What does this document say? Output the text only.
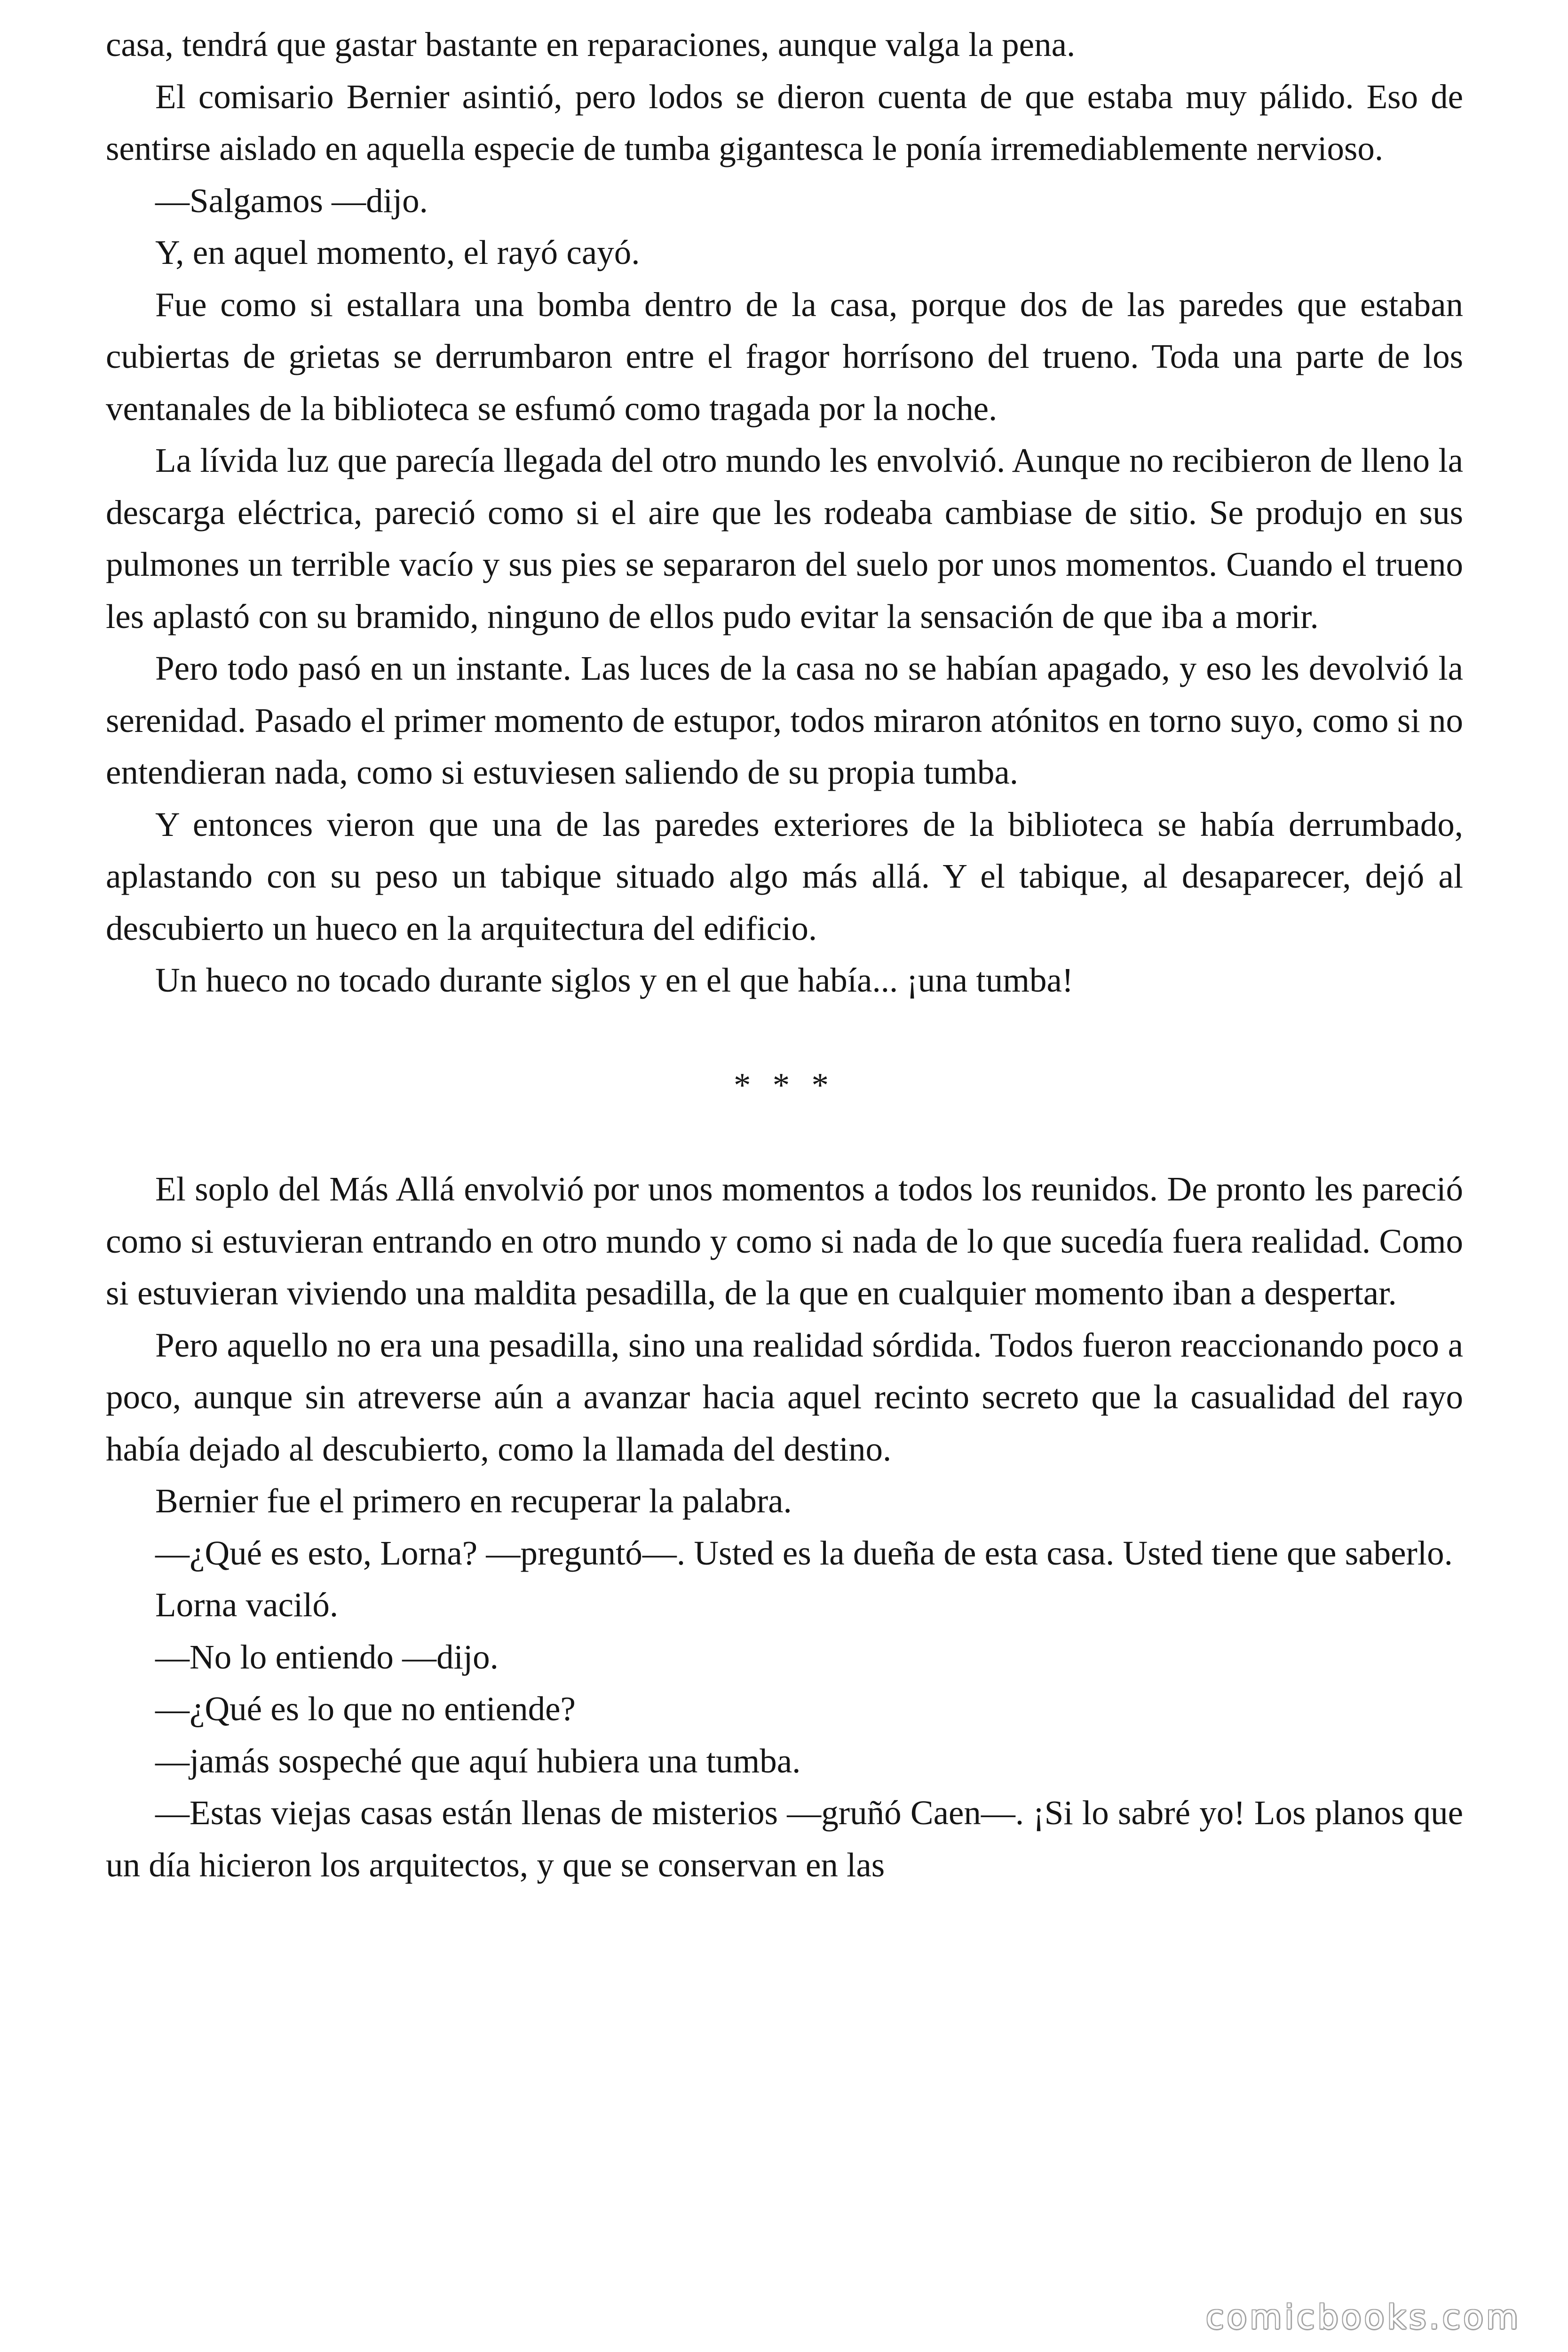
casa, tendrá que gastar bastante en reparaciones, aunque valga la pena.

El comisario Bernier asintió, pero lodos se dieron cuenta de que estaba muy pálido. Eso de sentirse aislado en aquella especie de tumba gigantesca le ponía irremediablemente nervioso.

—Salgamos —dijo.

Y, en aquel momento, el rayó cayó.

Fue como si estallara una bomba dentro de la casa, porque dos de las paredes que estaban cubiertas de grietas se derrumbaron entre el fragor horrísono del trueno. Toda una parte de los ventanales de la biblioteca se esfumó como tragada por la noche.

La lívida luz que parecía llegada del otro mundo les envolvió. Aunque no recibieron de lleno la descarga eléctrica, pareció como si el aire que les rodeaba cambiase de sitio. Se produjo en sus pulmones un terrible vacío y sus pies se separaron del suelo por unos momentos. Cuando el trueno les aplastó con su bramido, ninguno de ellos pudo evitar la sensación de que iba a morir.

Pero todo pasó en un instante. Las luces de la casa no se habían apagado, y eso les devolvió la serenidad. Pasado el primer momento de estupor, todos miraron atónitos en torno suyo, como si no entendieran nada, como si estuviesen saliendo de su propia tumba.

Y entonces vieron que una de las paredes exteriores de la biblioteca se había derrumbado, aplastando con su peso un tabique situado algo más allá. Y el tabique, al desaparecer, dejó al descubierto un hueco en la arquitectura del edificio.

Un hueco no tocado durante siglos y en el que había... ¡una tumba!

* * *

El soplo del Más Allá envolvió por unos momentos a todos los reunidos. De pronto les pareció como si estuvieran entrando en otro mundo y como si nada de lo que sucedía fuera realidad. Como si estuvieran viviendo una maldita pesadilla, de la que en cualquier momento iban a despertar.

Pero aquello no era una pesadilla, sino una realidad sórdida. Todos fueron reaccionando poco a poco, aunque sin atreverse aún a avanzar hacia aquel recinto secreto que la casualidad del rayo había dejado al descubierto, como la llamada del destino.

Bernier fue el primero en recuperar la palabra.

—¿Qué es esto, Lorna? —preguntó—. Usted es la dueña de esta casa. Usted tiene que saberlo.

Lorna vaciló.

—No lo entiendo —dijo.

—¿Qué es lo que no entiende?

—jamás sospeché que aquí hubiera una tumba.

—Estas viejas casas están llenas de misterios —gruñó Caen—. ¡Si lo sabré yo! Los planos que un día hicieron los arquitectos, y que se conservan en las

comicbooks.com
